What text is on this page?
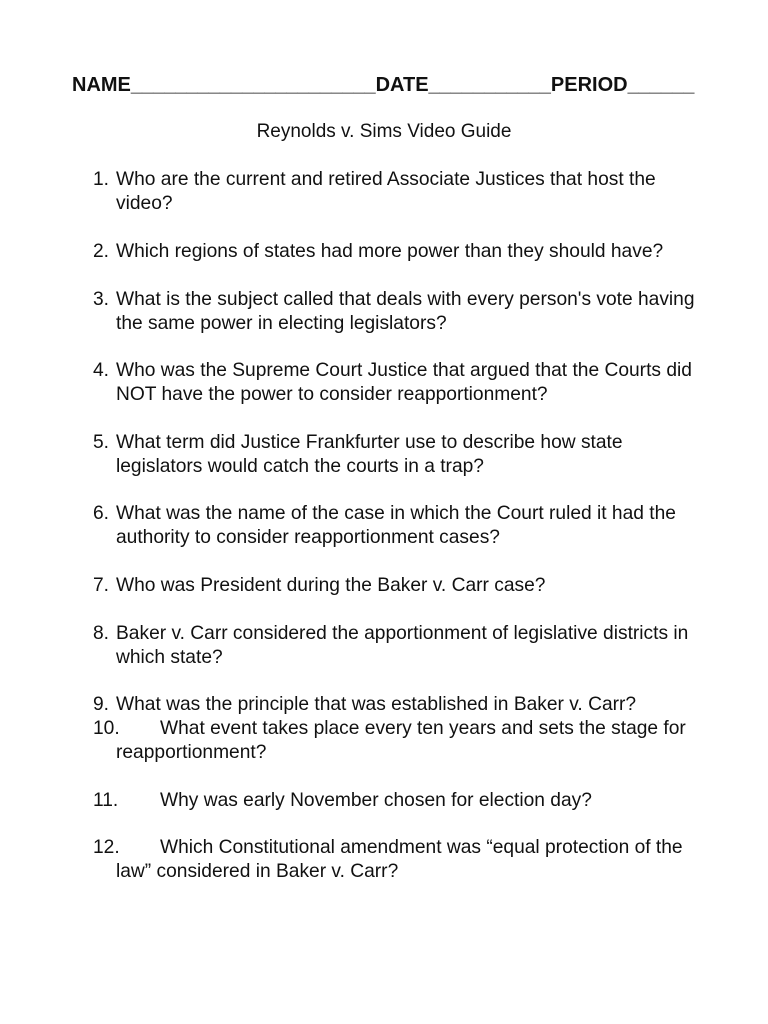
NAME______________________DATE___________PERIOD______
Reynolds v. Sims Video Guide
1. Who are the current and retired Associate Justices that host the video?
2. Which regions of states had more power than they should have?
3. What is the subject called that deals with every person's vote having the same power in electing legislators?
4. Who was the Supreme Court Justice that argued that the Courts did NOT have the power to consider reapportionment?
5. What term did Justice Frankfurter use to describe how state legislators would catch the courts in a trap?
6. What was the name of the case in which the Court ruled it had the authority to consider reapportionment cases?
7. Who was President during the Baker v. Carr case?
8. Baker v. Carr considered the apportionment of legislative districts in which state?
9. What was the principle that was established in Baker v. Carr?
10.	What event takes place every ten years and sets the stage for reapportionment?
11.	Why was early November chosen for election day?
12.	Which Constitutional amendment was “equal protection of the law” considered in Baker v. Carr?
